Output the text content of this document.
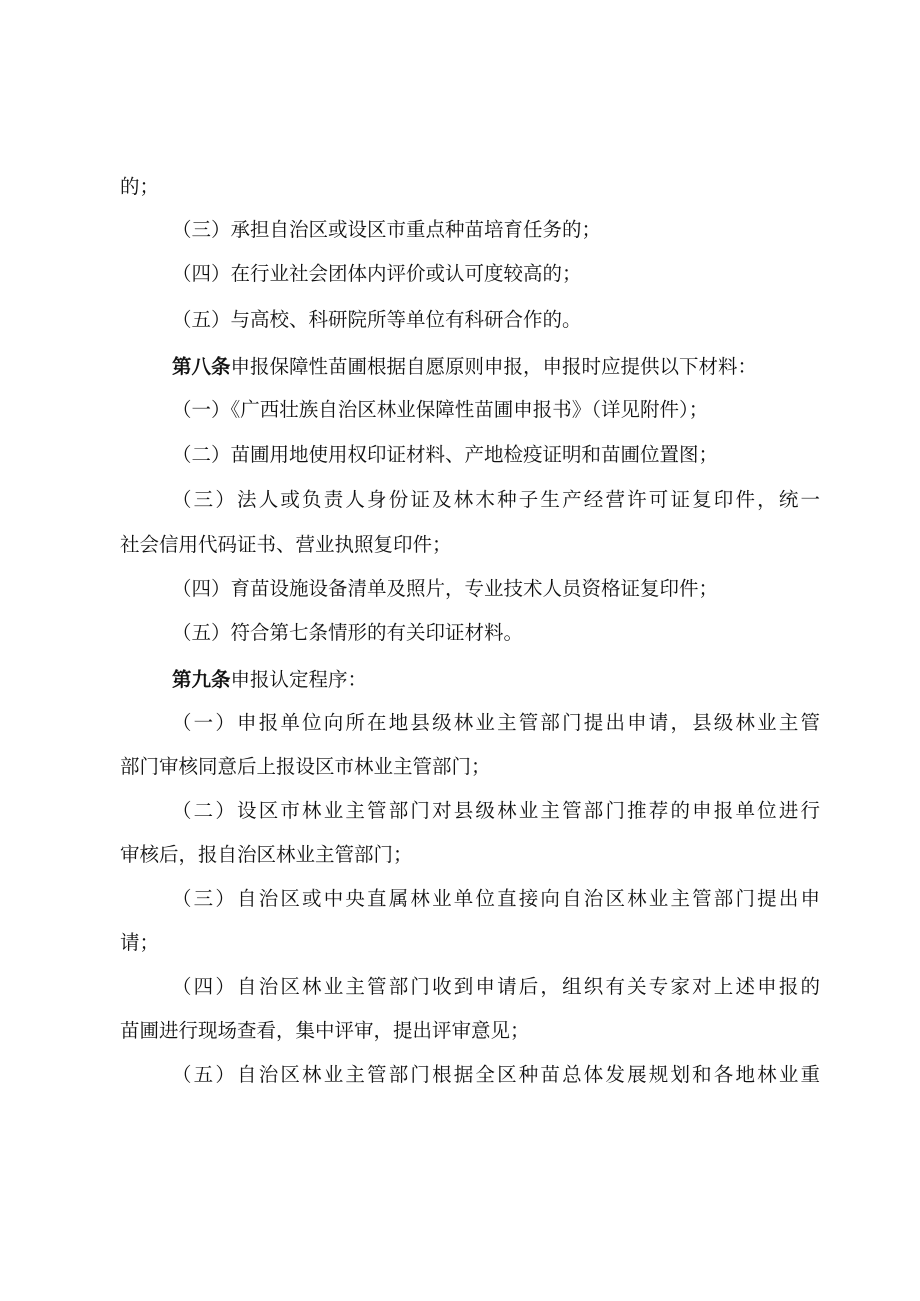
的；
（三）承担自治区或设区市重点种苗培育任务的；
（四）在行业社会团体内评价或认可度较高的；
（五）与高校、科研院所等单位有科研合作的。
第八条申报保障性苗圃根据自愿原则申报，申报时应提供以下材料：
（一）《广西壮族自治区林业保障性苗圃申报书》（详见附件）；
（二）苗圃用地使用权印证材料、产地检疫证明和苗圃位置图；
（三）法人或负责人身份证及林木种子生产经营许可证复印件，统一
社会信用代码证书、营业执照复印件；
（四）育苗设施设备清单及照片，专业技术人员资格证复印件；
（五）符合第七条情形的有关印证材料。
第九条申报认定程序：
（一）申报单位向所在地县级林业主管部门提出申请，县级林业主管
部门审核同意后上报设区市林业主管部门；
（二）设区市林业主管部门对县级林业主管部门推荐的申报单位进行
审核后，报自治区林业主管部门；
（三）自治区或中央直属林业单位直接向自治区林业主管部门提出申
请；
（四）自治区林业主管部门收到申请后，组织有关专家对上述申报的
苗圃进行现场查看，集中评审，提出评审意见；
（五）自治区林业主管部门根据全区种苗总体发展规划和各地林业重
